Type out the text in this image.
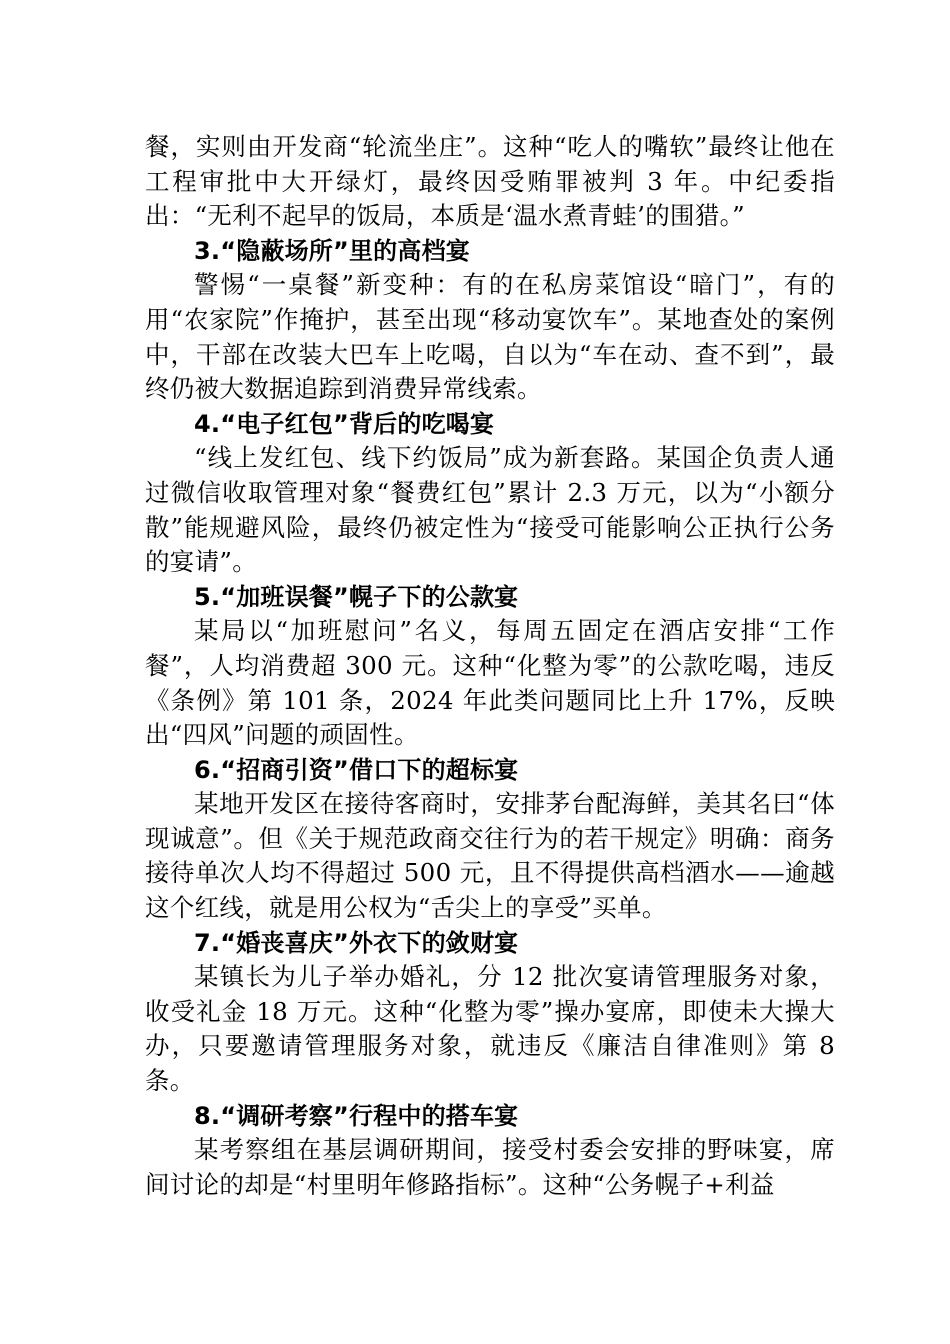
餐，实则由开发商“轮流坐庄”。这种“吃人的嘴软”最终让他在工程审批中大开绿灯，最终因受贿罪被判 3 年。中纪委指出：“无利不起早的饭局，本质是‘温水煮青蛙’的围猎。”

3.“隐蔽场所”里的高档宴

警惕“一桌餐”新变种：有的在私房菜馆设“暗门”，有的用“农家院”作掩护，甚至出现“移动宴饮车”。某地查处的案例中，干部在改装大巴车上吃喝，自以为“车在动、查不到”，最终仍被大数据追踪到消费异常线索。

4.“电子红包”背后的吃喝宴

“线上发红包、线下约饭局”成为新套路。某国企负责人通过微信收取管理对象“餐费红包”累计 2.3 万元，以为“小额分散”能规避风险，最终仍被定性为“接受可能影响公正执行公务的宴请”。

5.“加班误餐”幌子下的公款宴

某局以“加班慰问”名义，每周五固定在酒店安排“工作餐”，人均消费超 300 元。这种“化整为零”的公款吃喝，违反《条例》第 101 条，2024 年此类问题同比上升 17%，反映出“四风”问题的顽固性。

6.“招商引资”借口下的超标宴

某地开发区在接待客商时，安排茅台配海鲜，美其名曰“体现诚意”。但《关于规范政商交往行为的若干规定》明确：商务接待单次人均不得超过 500 元，且不得提供高档酒水——逾越这个红线，就是用公权为“舌尖上的享受”买单。

7.“婚丧喜庆”外衣下的敛财宴

某镇长为儿子举办婚礼，分 12 批次宴请管理服务对象，收受礼金 18 万元。这种“化整为零”操办宴席，即使未大操大办，只要邀请管理服务对象，就违反《廉洁自律准则》第 8 条。

8.“调研考察”行程中的搭车宴

某考察组在基层调研期间，接受村委会安排的野味宴，席间讨论的却是“村里明年修路指标”。这种“公务幌子+利益
